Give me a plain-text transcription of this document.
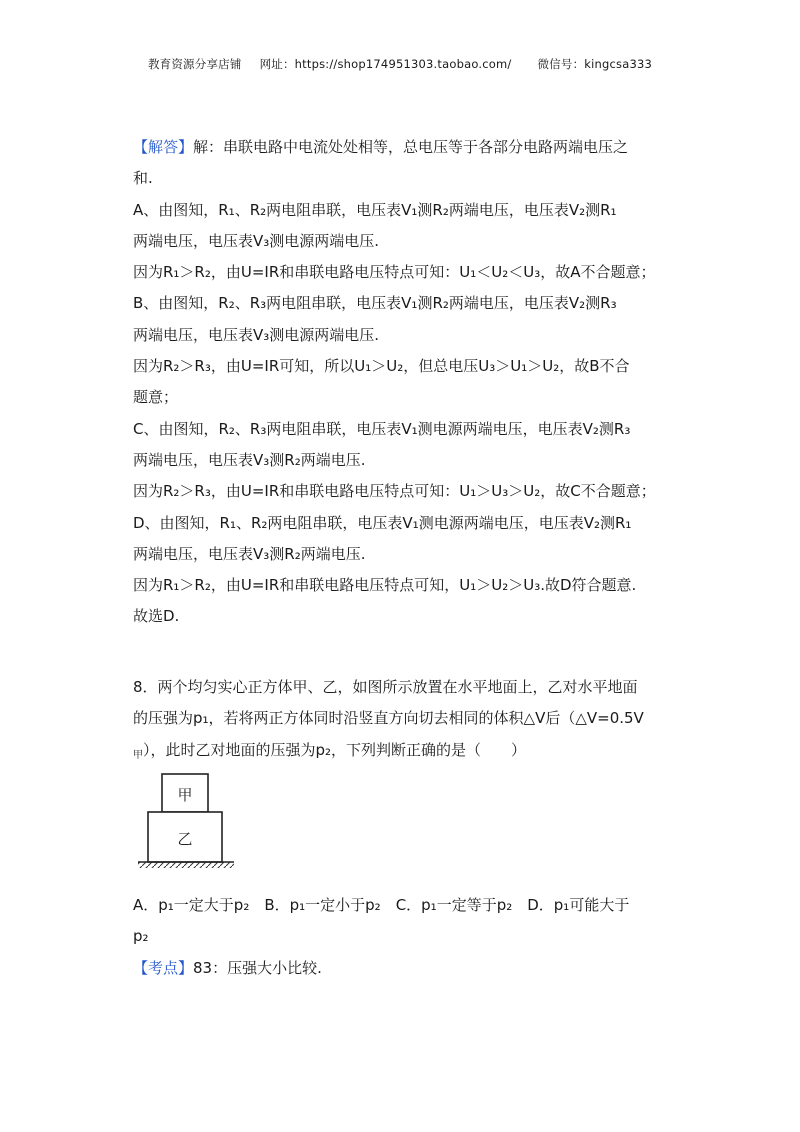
教育资源分享店铺 网址：https://shop174951303.taobao.com/ 微信号：kingcsa333
【解答】解：串联电路中电流处处相等，总电压等于各部分电路两端电压之
和.
A、由图知，R₁、R₂两电阻串联，电压表V₁测R₂两端电压，电压表V₂测R₁
两端电压，电压表V₃测电源两端电压.
因为R₁＞R₂，由U=IR和串联电路电压特点可知：U₁＜U₂＜U₃，故A不合题意；
B、由图知，R₂、R₃两电阻串联，电压表V₁测R₂两端电压，电压表V₂测R₃
两端电压，电压表V₃测电源两端电压.
因为R₂＞R₃，由U=IR可知，所以U₁＞U₂，但总电压U₃＞U₁＞U₂，故B不合
题意；
C、由图知，R₂、R₃两电阻串联，电压表V₁测电源两端电压，电压表V₂测R₃
两端电压，电压表V₃测R₂两端电压.
因为R₂＞R₃，由U=IR和串联电路电压特点可知：U₁＞U₃＞U₂，故C不合题意；
D、由图知，R₁、R₂两电阻串联，电压表V₁测电源两端电压，电压表V₂测R₁
两端电压，电压表V₃测R₂两端电压.
因为R₁＞R₂，由U=IR和串联电路电压特点可知，U₁＞U₂＞U₃.故D符合题意.
故选D.
8．两个均匀实心正方体甲、乙，如图所示放置在水平地面上，乙对水平地面
的压强为p₁，若将两正方体同时沿竖直方向切去相同的体积△V后（△V=0.5V
$_甲$），此时乙对地面的压强为p₂，下列判断正确的是（　　）
甲
乙
A．p₁一定大于p₂　B．p₁一定小于p₂　C．p₁一定等于p₂　D．p₁可能大于
p₂
【考点】83：压强大小比较.
